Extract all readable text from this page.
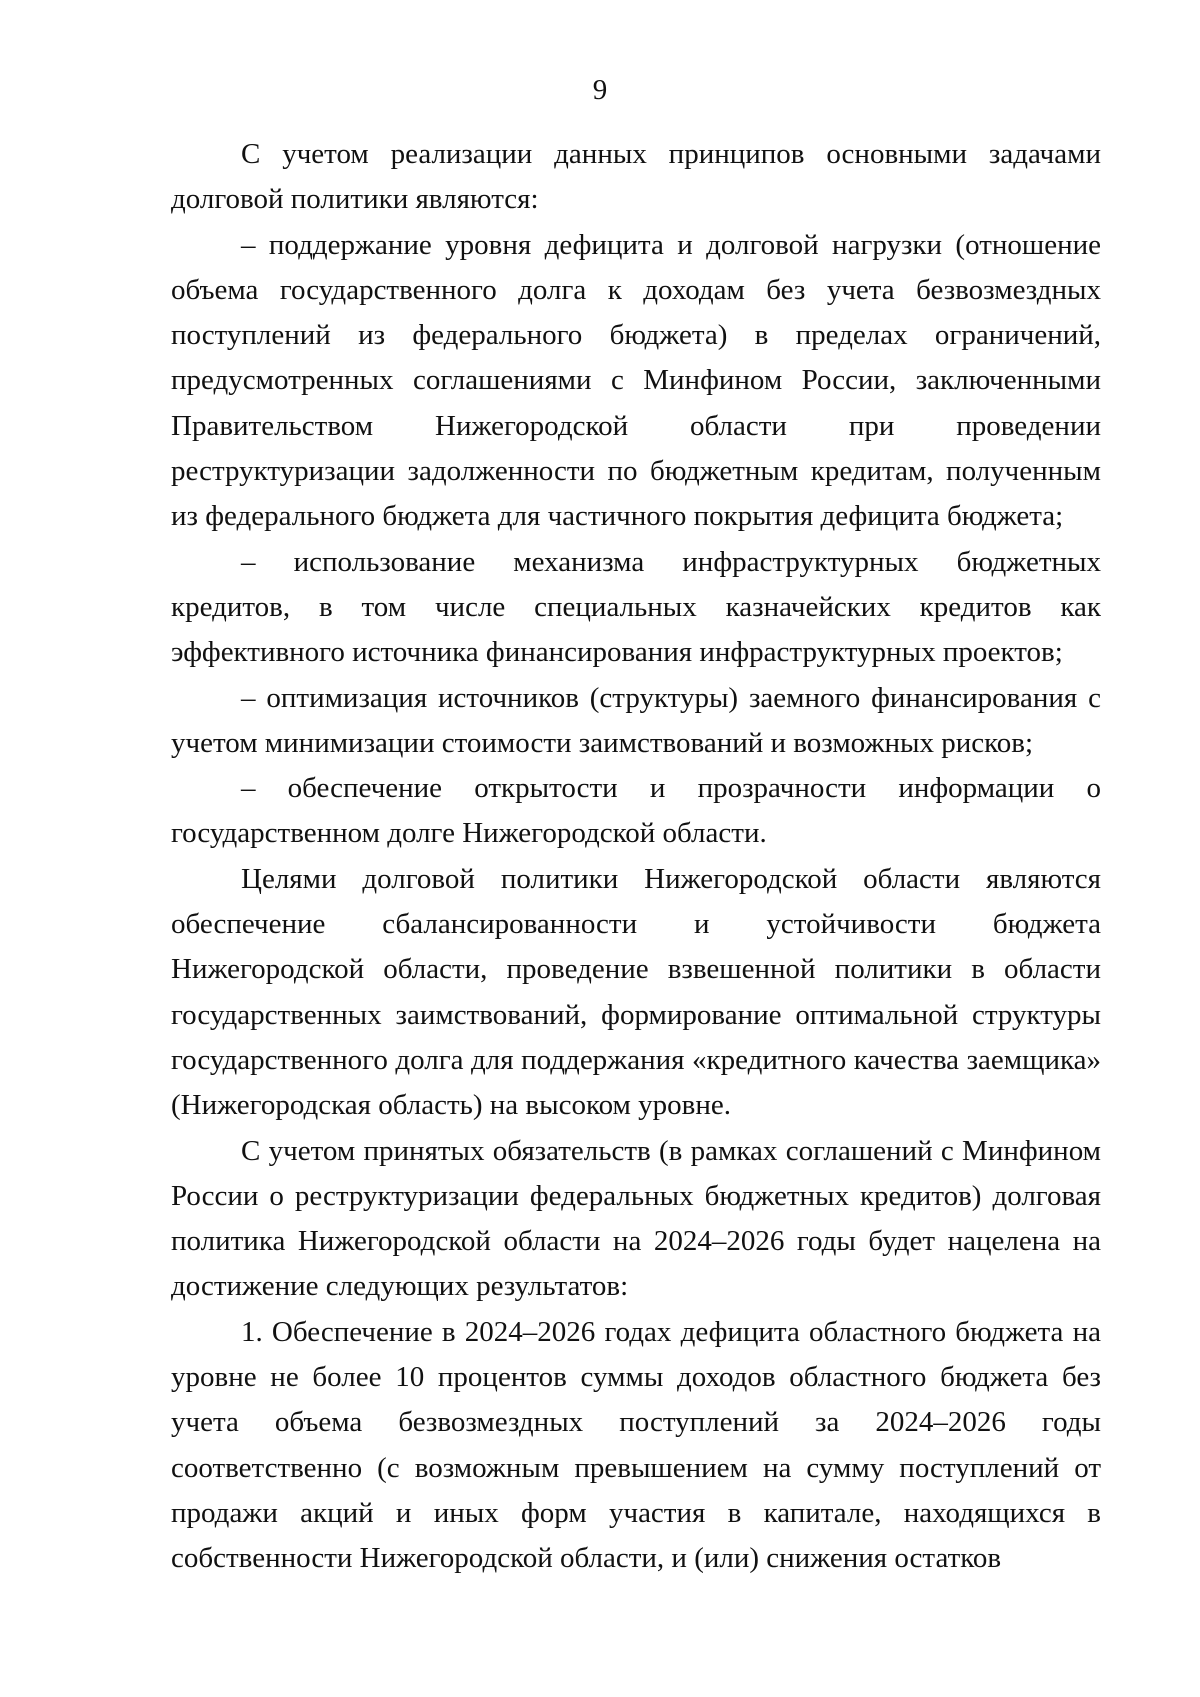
9

С учетом реализации данных принципов основными задачами долговой политики являются:

– поддержание уровня дефицита и долговой нагрузки (отношение объема государственного долга к доходам без учета безвозмездных поступлений из федерального бюджета) в пределах ограничений, предусмотренных соглашениями с Минфином России, заключенными Правительством Нижегородской области при проведении реструктуризации задолженности по бюджетным кредитам, полученным из федерального бюджета для частичного покрытия дефицита бюджета;

– использование механизма инфраструктурных бюджетных кредитов, в том числе специальных казначейских кредитов как эффективного источника финансирования инфраструктурных проектов;

– оптимизация источников (структуры) заемного финансирования с учетом минимизации стоимости заимствований и возможных рисков;

– обеспечение открытости и прозрачности информации о государственном долге Нижегородской области.

Целями долговой политики Нижегородской области являются обеспечение сбалансированности и устойчивости бюджета Нижегородской области, проведение взвешенной политики в области государственных заимствований, формирование оптимальной структуры государственного долга для поддержания «кредитного качества заемщика» (Нижегородская область) на высоком уровне.

С учетом принятых обязательств (в рамках соглашений с Минфином России о реструктуризации федеральных бюджетных кредитов) долговая политика Нижегородской области на 2024–2026 годы будет нацелена на достижение следующих результатов:

1. Обеспечение в 2024–2026 годах дефицита областного бюджета на уровне не более 10 процентов суммы доходов областного бюджета без учета объема безвозмездных поступлений за 2024–2026 годы соответственно (с возможным превышением на сумму поступлений от продажи акций и иных форм участия в капитале, находящихся в собственности Нижегородской области, и (или) снижения остатков
